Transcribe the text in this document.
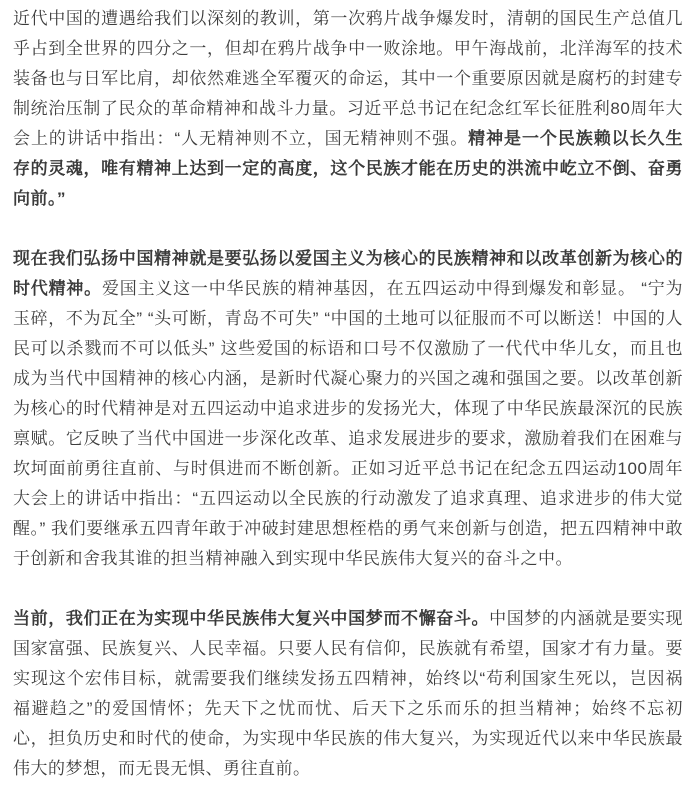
近代中国的遭遇给我们以深刻的教训，第一次鸦片战争爆发时，清朝的国民生产总值几乎占到全世界的四分之一，但却在鸦片战争中一败涂地。甲午海战前，北洋海军的技术装备也与日军比肩，却依然难逃全军覆灭的命运，其中一个重要原因就是腐朽的封建专制统治压制了民众的革命精神和战斗力量。习近平总书记在纪念红军长征胜利80周年大会上的讲话中指出：“人无精神则不立，国无精神则不强。精神是一个民族赖以长久生存的灵魂，唯有精神上达到一定的高度，这个民族才能在历史的洪流中屹立不倒、奋勇向前。”

现在我们弘扬中国精神就是要弘扬以爱国主义为核心的民族精神和以改革创新为核心的时代精神。爱国主义这一中华民族的精神基因，在五四运动中得到爆发和彰显。 “宁为玉碎，不为瓦全” “头可断，青岛不可失” “中国的土地可以征服而不可以断送！中国的人民可以杀戮而不可以低头” 这些爱国的标语和口号不仅激励了一代代中华儿女，而且也成为当代中国精神的核心内涵，是新时代凝心聚力的兴国之魂和强国之要。以改革创新为核心的时代精神是对五四运动中追求进步的发扬光大，体现了中华民族最深沉的民族禀赋。它反映了当代中国进一步深化改革、追求发展进步的要求，激励着我们在困难与坎坷面前勇往直前、与时俱进而不断创新。正如习近平总书记在纪念五四运动100周年大会上的讲话中指出：“五四运动以全民族的行动激发了追求真理、追求进步的伟大觉醒。” 我们要继承五四青年敢于冲破封建思想桎梏的勇气来创新与创造，把五四精神中敢于创新和舍我其谁的担当精神融入到实现中华民族伟大复兴的奋斗之中。

当前，我们正在为实现中华民族伟大复兴中国梦而不懈奋斗。中国梦的内涵就是要实现国家富强、民族复兴、人民幸福。只要人民有信仰，民族就有希望，国家才有力量。要实现这个宏伟目标，就需要我们继续发扬五四精神，始终以“苟利国家生死以，岂因祸福避趋之”的爱国情怀；先天下之忧而忧、后天下之乐而乐的担当精神；始终不忘初心，担负历史和时代的使命，为实现中华民族的伟大复兴，为实现近代以来中华民族最伟大的梦想，而无畏无惧、勇往直前。
